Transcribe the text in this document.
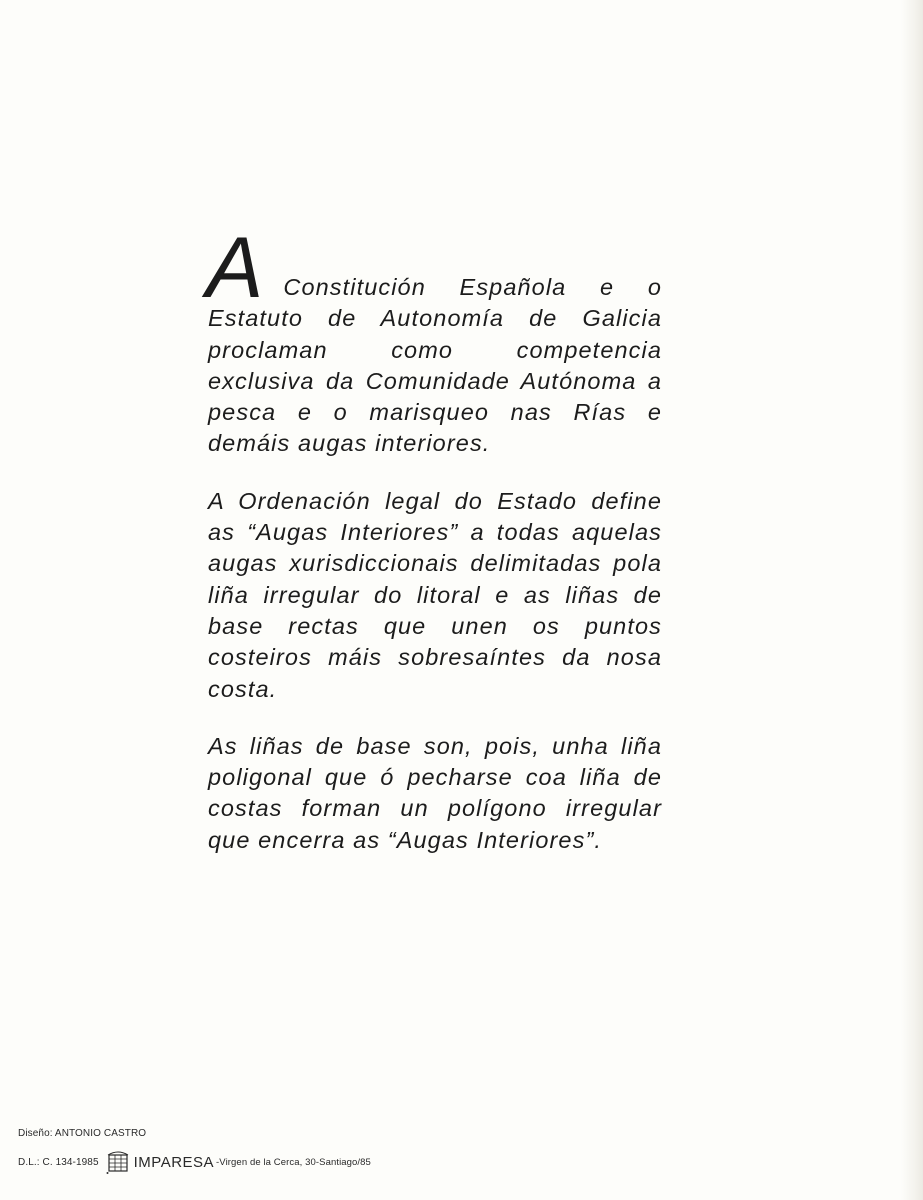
A Constitución Española e o Estatuto de Autonomía de Galicia proclaman como competencia exclusiva da Comunidade Autónoma a pesca e o marisqueo nas Rías e demáis augas interiores.

A Ordenación legal do Estado define as “Augas Interiores” a todas aquelas augas xurisdiccionais delimitadas pola liña irregular do litoral e as liñas de base rectas que unen os puntos costeiros máis sobresaíntes da nosa costa.

As liñas de base son, pois, unha liña poligonal que ó pecharse coa liña de costas forman un polígono irregular que encerra as “Augas Interiores”.

Diseño: ANTONIO CASTRO
D.L.: C. 134-1985 IMPARESA -Virgen de la Cerca, 30-Santiago/85
